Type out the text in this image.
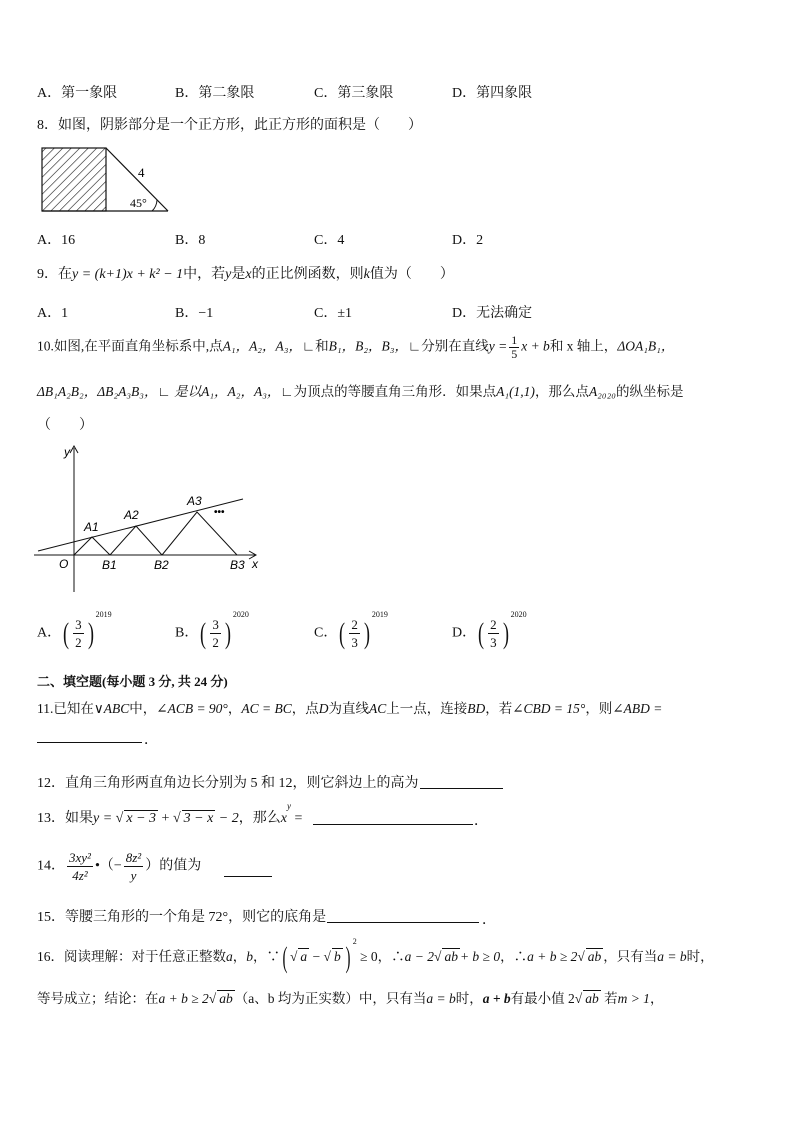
A．第一象限	B．第二象限	C．第三象限	D．第四象限
8．如图，阴影部分是一个正方形，此正方形的面积是（　　）
4
45°
A．16	B．8	C．4	D．2
9．在y = (k+1)x + k² − 1中，若y是x的正比例函数，则k值为（　　）
A．1	B．−1	C．±1	D．无法确定
10.如图,在平面直角坐标系中,点A₁，A₂，A₃，∟和B₁，B₂，B₃，∟分别在直线$y = \frac{1}{5}$ x + b和 x 轴上，ΔOA₁B₁，
ΔB₁A₂B₂，ΔB₂A₃B₃，∟ 是以A₁，A₂，A₃，∟为顶点的等腰直角三角形．如果点A₁(1,1)，那么点A₂₀₂₀的纵坐标是
（　　）
y
x
O
A1
A2
A3
B1	B2	B3
•••
A．( $\frac{3}{2} )^{2019}$
B．( $\frac{3}{2} )^{2020}$
C．( $\frac{2}{3} )^{2019}$
D．( $\frac{2}{3} )^{2020}$
二、填空题(每小题 3 分, 共 24 分)
11.已知在∨ABC中，∠ACB = 90°，AC = BC，点D为直线AC上一点，连接BD，若∠CBD = 15°，则∠ABD =
．
12．直角三角形两直角边长分别为 5 和 12，则它斜边上的高为
13．如果y = √ x − 3 + √ 3 − x − 2，那么$x^y$ =	．
14． $\frac{\text{3xy²}}{\text{4z²}}$ •（− $\frac{\text{8z²}}{y}$ ）的值为
15．等腰三角形的一个角是 72°，则它的底角是	．
16．阅读理解：对于任意正整数a，b，∵( √ a − √ b ) $^2$ ≥ 0，∴a − 2√ ab + b ≥ 0，∴a + b ≥ 2√ ab ，只有当a = b时，
等号成立；结论：在a + b ≥ 2√ ab （a、b 均为正实数）中，只有当a = b时，a + b有最小值 2√ ab 若m > 1，
